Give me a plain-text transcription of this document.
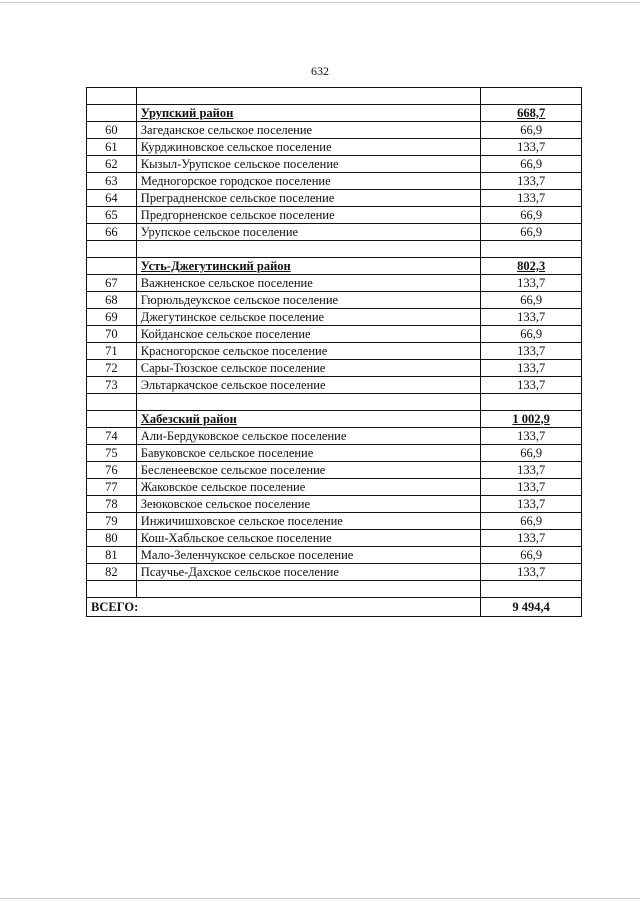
632

	Урупский район	668,7
60	Загеданское сельское поселение	66,9
61	Курджиновское сельское поселение	133,7
62	Кызыл-Урупское сельское поселение	66,9
63	Медногорское городское поселение	133,7
64	Преградненское сельское поселение	133,7
65	Предгорненское сельское поселение	66,9
66	Урупское сельское поселение	66,9

	Усть-Джегутинский район	802,3
67	Важненское сельское поселение	133,7
68	Гюрюльдеукское сельское поселение	66,9
69	Джегутинское сельское поселение	133,7
70	Койданское сельское поселение	66,9
71	Красногорское сельское поселение	133,7
72	Сары-Тюзское сельское поселение	133,7
73	Эльтаркачское сельское поселение	133,7

	Хабезский район	1 002,9
74	Али-Бердуковское сельское поселение	133,7
75	Бавуковское сельское поселение	66,9
76	Бесленеевское сельское поселение	133,7
77	Жаковское сельское поселение	133,7
78	Зеюковское сельское поселение	133,7
79	Инжичишховское сельское поселение	66,9
80	Кош-Хабльское сельское поселение	133,7
81	Мало-Зеленчукское сельское поселение	66,9
82	Псаучье-Дахское сельское поселение	133,7

ВСЕГО:		9 494,4
